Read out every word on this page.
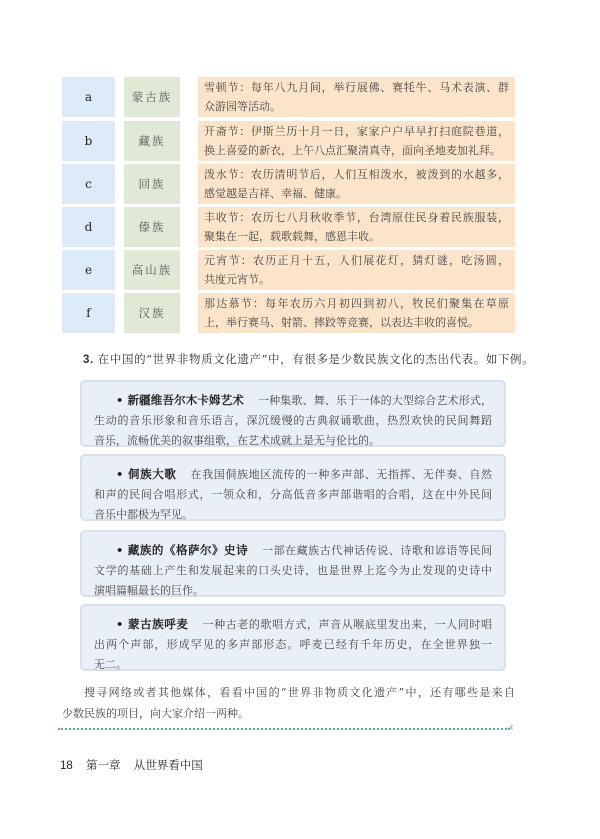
a	蒙古族
雪顿节：每年八九月间，举行展佛、赛牦牛、马术表演、群
众游园等活动。
b	藏族
开斋节：伊斯兰历十月一日，家家户户早早打扫庭院巷道，
换上喜爱的新衣，上午八点汇聚清真寺，面向圣地麦加礼拜。
c	回族
泼水节：农历清明节后，人们互相泼水，被泼到的水越多，
感觉越是吉祥、幸福、健康。
d	傣族
丰收节：农历七八月秋收季节，台湾原住民身着民族服装，
聚集在一起，载歌载舞，感恩丰收。
e	高山族
元宵节：农历正月十五，人们展花灯，猜灯谜，吃汤圆，
共度元宵节。
f	汉族
那达慕节：每年农历六月初四到初八，牧民们聚集在草原
上，举行赛马、射箭、摔跤等竞赛，以表达丰收的喜悦。
3. 在中国的“世界非物质文化遗产”中，有很多是少数民族文化的杰出代表。如下例。
• 新疆维吾尔木卡姆艺术 一种集歌、舞、乐于一体的大型综合艺术形式，
生动的音乐形象和音乐语言，深沉缓慢的古典叙诵歌曲，热烈欢快的民间舞蹈
音乐，流畅优美的叙事组歌，在艺术成就上是无与伦比的。
• 侗族大歌 在我国侗族地区流传的一种多声部、无指挥、无伴奏、自然
和声的民间合唱形式，一领众和，分高低音多声部谐唱的合唱，这在中外民间
音乐中都极为罕见。
• 藏族的《格萨尔》史诗 一部在藏族古代神话传说、诗歌和谚语等民间
文学的基础上产生和发展起来的口头史诗，也是世界上迄今为止发现的史诗中
演唱篇幅最长的巨作。
• 蒙古族呼麦 一种古老的歌唱方式，声音从喉底里发出来，一人同时唱
出两个声部，形成罕见的多声部形态。呼麦已经有千年历史，在全世界独一
无二。
搜寻网络或者其他媒体，看看中国的“世界非物质文化遗产”中，还有哪些是来自
少数民族的项目，向大家介绍一两种。
‹
18 第一章 从世界看中国
